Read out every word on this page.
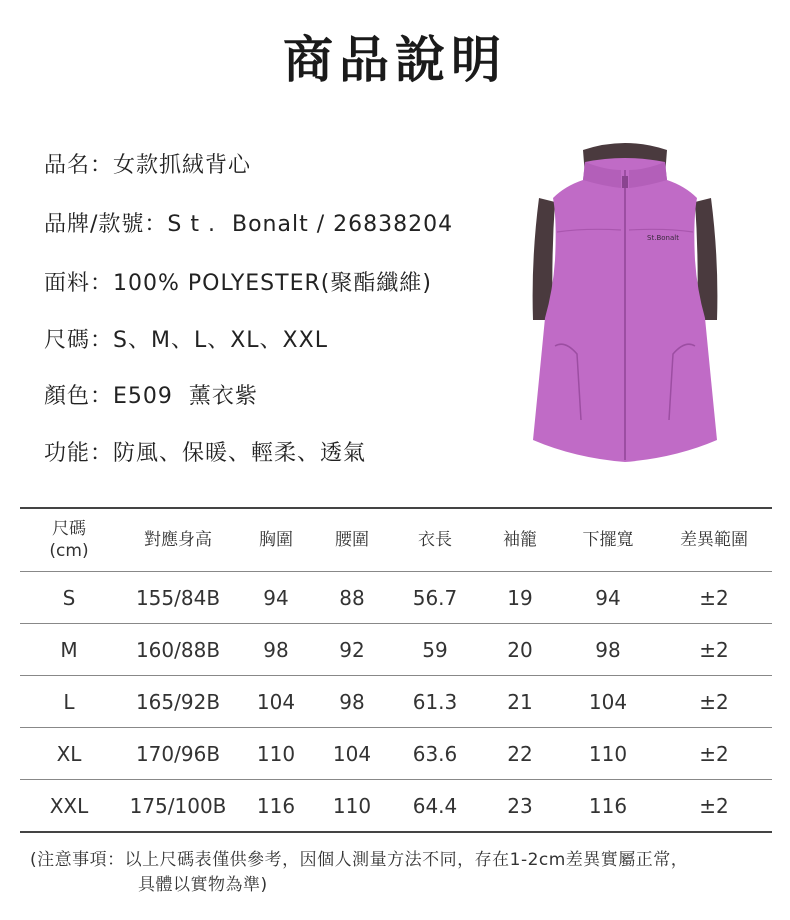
商品說明
品名：女款抓絨背心
品牌/款號：S t .  Bonalt / 26838204
面料：100% POLYESTER(聚酯纖維)
尺碼：S、M、L、XL、XXL
顏色：E509  薰衣紫
功能：防風、保暖、輕柔、透氣
St.Bonalt
尺碼
(cm)	對應身高	胸圍	腰圍	衣長	袖籠	下擺寬	差異範圍
S	155/84B	94	88	56.7	19	94	±2
M	160/88B	98	92	59	20	98	±2
L	165/92B	104	98	61.3	21	104	±2
XL	170/96B	110	104	63.6	22	110	±2
XXL	175/100B	116	110	64.4	23	116	±2
(注意事項：以上尺碼表僅供參考，因個人測量方法不同，存在1-2cm差異實屬正常，
具體以實物為準)
